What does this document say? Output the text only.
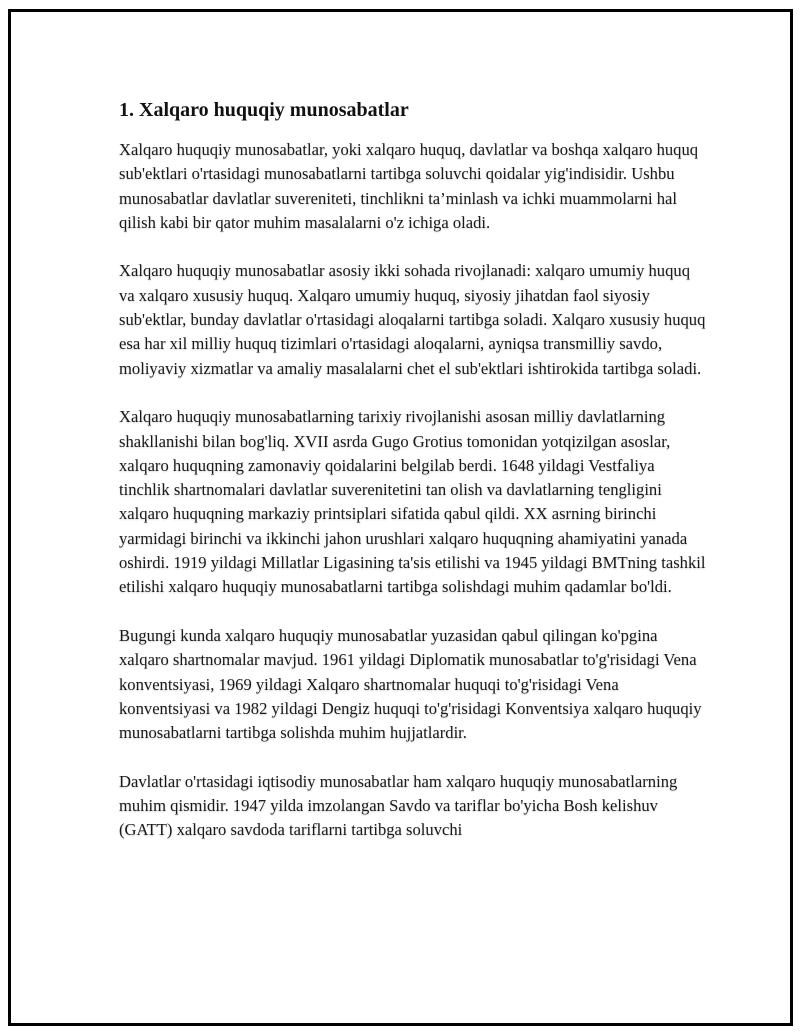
1. Xalqaro huquqiy munosabatlar

Xalqaro huquqiy munosabatlar, yoki xalqaro huquq, davlatlar va boshqa xalqaro huquq sub'ektlari o'rtasidagi munosabatlarni tartibga soluvchi qoidalar yig'indisidir. Ushbu munosabatlar davlatlar suvereniteti, tinchlikni ta’minlash va ichki muammolarni hal qilish kabi bir qator muhim masalalarni o'z ichiga oladi.

Xalqaro huquqiy munosabatlar asosiy ikki sohada rivojlanadi: xalqaro umumiy huquq va xalqaro xususiy huquq. Xalqaro umumiy huquq, siyosiy jihatdan faol siyosiy sub'ektlar, bunday davlatlar o'rtasidagi aloqalarni tartibga soladi. Xalqaro xususiy huquq esa har xil milliy huquq tizimlari o'rtasidagi aloqalarni, ayniqsa transmilliy savdo, moliyaviy xizmatlar va amaliy masalalarni chet el sub'ektlari ishtirokida tartibga soladi.

Xalqaro huquqiy munosabatlarning tarixiy rivojlanishi asosan milliy davlatlarning shakllanishi bilan bog'liq. XVII asrda Gugo Grotius tomonidan yotqizilgan asoslar, xalqaro huquqning zamonaviy qoidalarini belgilab berdi. 1648 yildagi Vestfaliya tinchlik shartnomalari davlatlar suverenitetini tan olish va davlatlarning tengligini xalqaro huquqning markaziy printsiplari sifatida qabul qildi. XX asrning birinchi yarmidagi birinchi va ikkinchi jahon urushlari xalqaro huquqning ahamiyatini yanada oshirdi. 1919 yildagi Millatlar Ligasining ta'sis etilishi va 1945 yildagi BMTning tashkil etilishi xalqaro huquqiy munosabatlarni tartibga solishdagi muhim qadamlar bo'ldi.

Bugungi kunda xalqaro huquqiy munosabatlar yuzasidan qabul qilingan ko'pgina xalqaro shartnomalar mavjud. 1961 yildagi Diplomatik munosabatlar to'g'risidagi Vena konventsiyasi, 1969 yildagi Xalqaro shartnomalar huquqi to'g'risidagi Vena konventsiyasi va 1982 yildagi Dengiz huquqi to'g'risidagi Konventsiya xalqaro huquqiy munosabatlarni tartibga solishda muhim hujjatlardir.

Davlatlar o'rtasidagi iqtisodiy munosabatlar ham xalqaro huquqiy munosabatlarning muhim qismidir. 1947 yilda imzolangan Savdo va tariflar bo'yicha Bosh kelishuv (GATT) xalqaro savdoda tariflarni tartibga soluvchi
